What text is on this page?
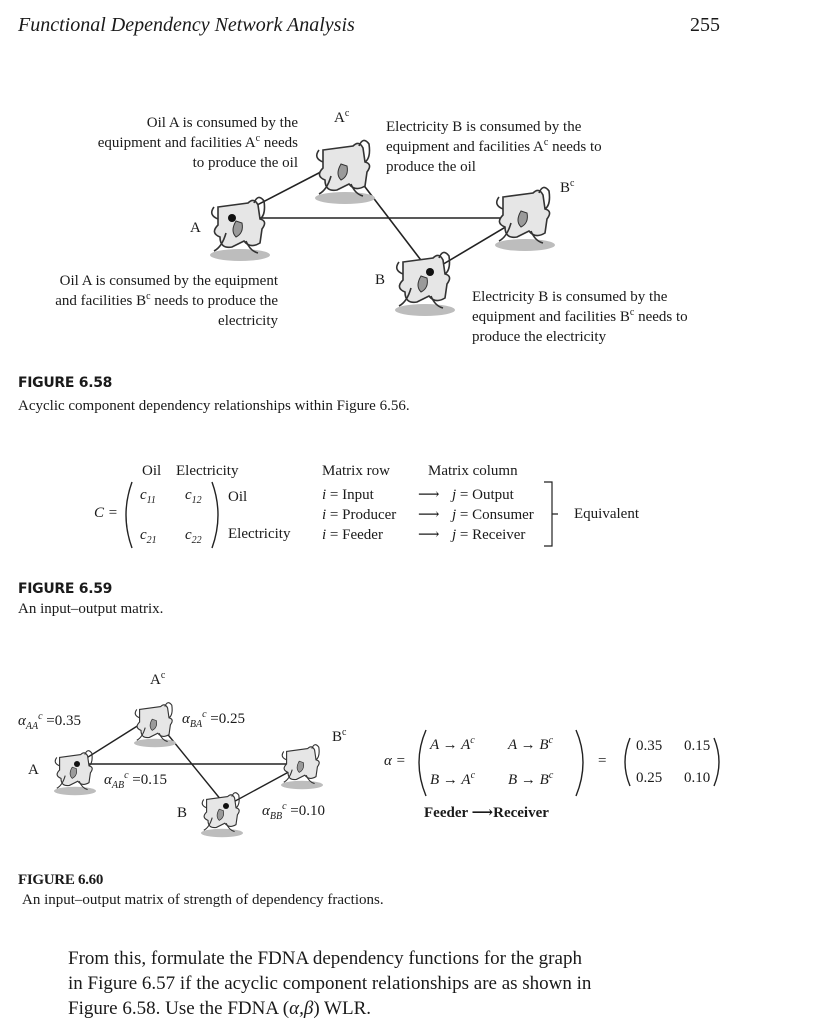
Functional Dependency Network Analysis	255
$A^c$
A
$B^c$
B
Oil A is consumed by the
equipment and facilities $A^c$ needs
to produce the oil
Electricity B is consumed by the
equipment and facilities $A^c$ needs to
produce the oil
Oil A is consumed by the equipment
and facilities $B^c$ needs to produce the
electricity
Electricity B is consumed by the
equipment and facilities $B^c$ needs to
produce the electricity
FIGURE 6.58
Acyclic component dependency relationships within Figure 6.56.
Oil Electricity
C =
$c_{11}$ $c_{12}$
$c_{21}$ $c_{22}$
Oil
Electricity
Matrix row	Matrix column
i = Input	⟶ j = Output
i = Producer ⟶ j = Consumer
i = Feeder ⟶ j = Receiver
Equivalent
FIGURE 6.59
An input–output matrix.
$A^c$
A
$B^c$
B
$\alpha_{AA}^c =0.35$	$\alpha_{BA}^c =0.25$
$\alpha_{AB}^c =0.15$
$\alpha_{BB}^c =0.10$
α =
$A \to A^c$ $A \to B^c$
$B \to A^c$ $B \to B^c$
=
0.35 0.15
0.25 0.10
Feeder ⟶Receiver
FIGURE 6.60
An input–output matrix of strength of dependency fractions.
From this, formulate the FDNA dependency functions for the graph
in Figure 6.57 if the acyclic component relationships are as shown in
Figure 6.58. Use the FDNA (α,β) WLR.
